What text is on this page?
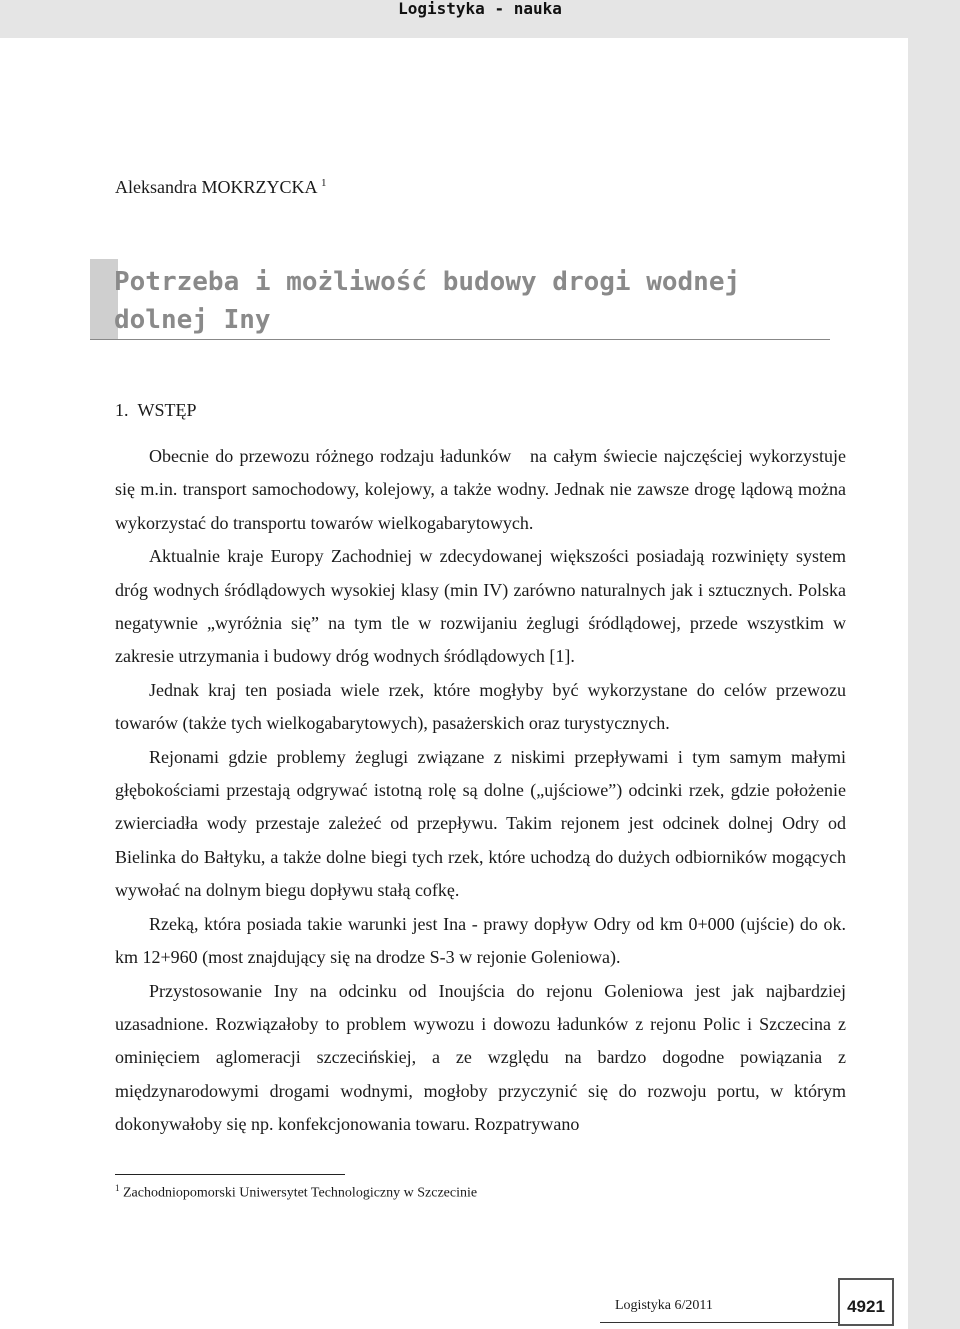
Logistyka - nauka
Aleksandra MOKRZYCKA $^1$
Potrzeba i możliwość budowy drogi wodnej
dolnej Iny
1.  WSTĘP

Obecnie do przewozu różnego rodzaju ładunków   na całym świecie najczęściej wykorzystuje się m.in. transport samochodowy, kolejowy, a także wodny. Jednak nie zawsze drogę lądową można wykorzystać do transportu towarów wielkogabarytowych.

Aktualnie kraje Europy Zachodniej w zdecydowanej większości posiadają rozwinięty system dróg wodnych śródlądowych wysokiej klasy (min IV) zarówno naturalnych jak i sztucznych. Polska negatywnie „wyróżnia się” na tym tle w rozwijaniu żeglugi śródlądowej, przede wszystkim w zakresie utrzymania i budowy dróg wodnych śródlądowych [1].

Jednak kraj ten posiada wiele rzek, które mogłyby być wykorzystane do celów przewozu towarów (także tych wielkogabarytowych), pasażerskich oraz turystycznych.

Rejonami gdzie problemy żeglugi związane z niskimi przepływami i tym samym małymi głębokościami przestają odgrywać istotną rolę są dolne („ujściowe”) odcinki rzek, gdzie położenie zwierciadła wody przestaje zależeć od przepływu. Takim rejonem jest odcinek dolnej Odry od Bielinka do Bałtyku, a także dolne biegi tych rzek, które uchodzą do dużych odbiorników mogących wywołać na dolnym biegu dopływu stałą cofkę.

Rzeką, która posiada takie warunki jest Ina - prawy dopływ Odry od km 0+000 (ujście) do ok. km 12+960 (most znajdujący się na drodze S-3 w rejonie Goleniowa).

Przystosowanie Iny na odcinku od Inoujścia do rejonu Goleniowa jest jak najbardziej uzasadnione. Rozwiązałoby to problem wywozu i dowozu ładunków z rejonu Polic i Szczecina z ominięciem aglomeracji szczecińskiej, a ze względu na bardzo dogodne powiązania z międzynarodowymi drogami wodnymi, mogłoby przyczynić się do rozwoju portu, w którym dokonywałoby się np. konfekcjonowania towaru. Rozpatrywano

$^1$ Zachodniopomorski Uniwersytet Technologiczny w Szczecinie
Logistyka 6/2011	4921
